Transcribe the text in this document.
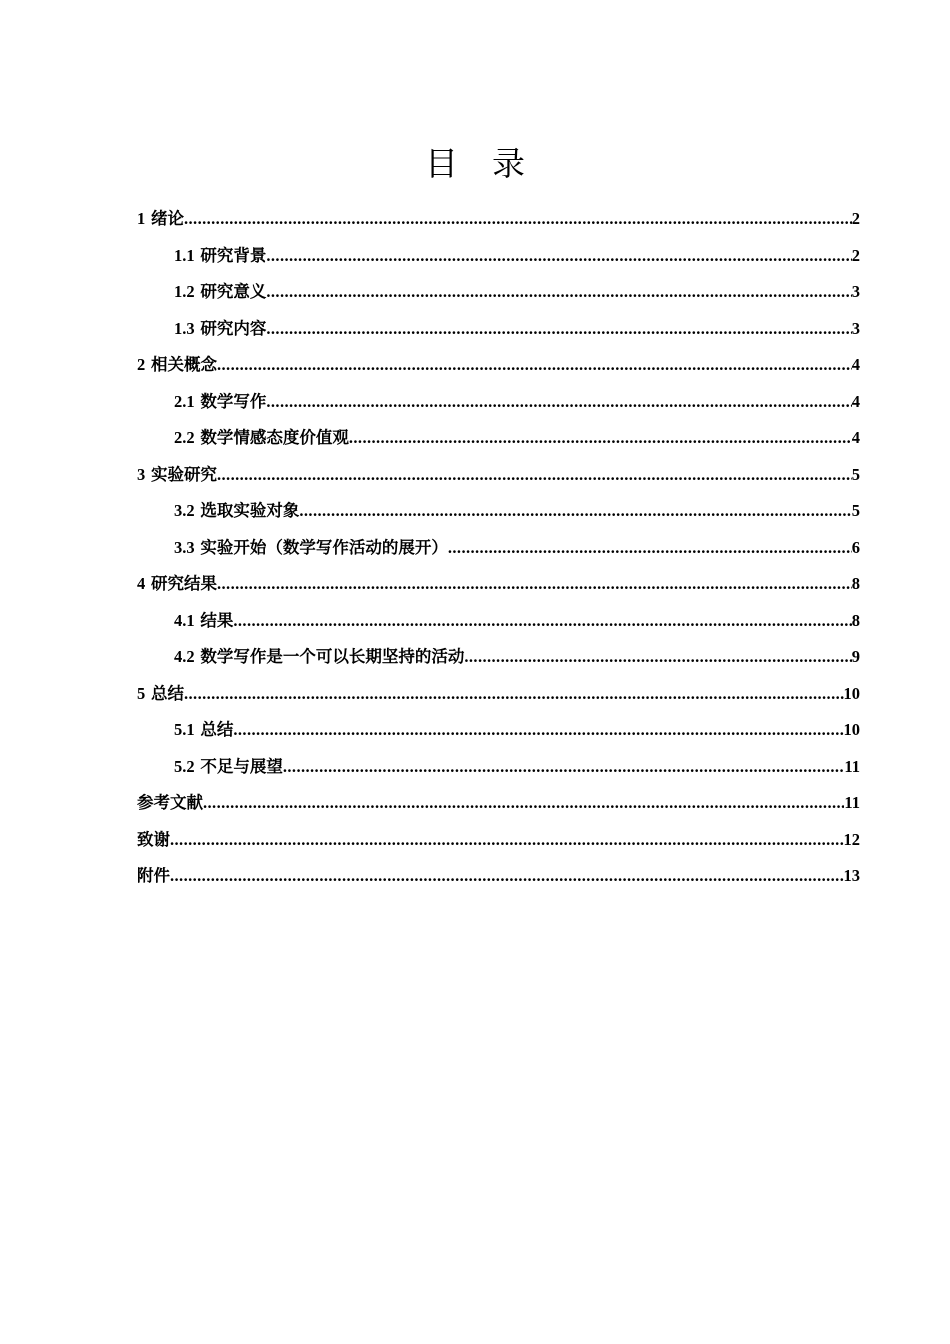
目 录
1 绪论 .....	2
1.1 研究背景 .....	2
1.2 研究意义 .....	3
1.3 研究内容 .....	3
2 相关概念 .....	4
2.1 数学写作 .....	4
2.2 数学情感态度价值观 .....	4
3 实验研究 .....	5
3.2 选取实验对象 .....	5
3.3 实验开始（数学写作活动的展开） .....	6
4 研究结果 .....	8
4.1 结果 .....	8
4.2 数学写作是一个可以长期坚持的活动 .....	9
5 总结 .....	10
5.1 总结 .....	10
5.2 不足与展望 .....	11
参考文献 .....	11
致谢 .....	12
附件 .....	13
